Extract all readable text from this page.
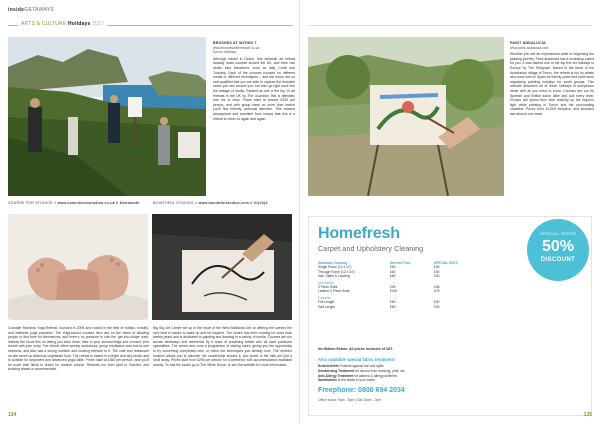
insideGETAWAYS
ARTS & CULTURE Holidays 2017
BRUSHES AT WITHIN 7
www.brusheswithinreach.co.uk
Devon holidays
Although based in Devon, this fantastic art retreat actually hosts courses around the UK, and even has studio trips elsewhere, such as Italy, Crete and Tuscany. Each of the courses focuses on different media or different techniques – and the tutors are so well-qualified that you are able to capture the beautiful views you see around you, but then go right back into the cottage or studio. Ranked as one of the top 10 art retreats in the UK by The Guardian, this is definitely one not to miss. Prices start at around £329 per person, and with group sizes no more than twelve you'll find friendly, personal attention. This relaxed atmosphere and excellent food means that this is a retreat to return to again and again.
COURSE FOR STUDIOS // www.somedevonstudios.co.uk // Dartmouth	BOUNTIFUL STUDIOS // www.bountifulstudios.com // 01(44)4

Consider Rainbow Yoga Retreat, founded in 2009 and rooted in the field of holistic, mindful, and wellness yoga practices. The Yoga-based courses here are on the basis of allowing people to find time for themselves, and there's no pressure to ride the 'get-into-shape' train. Instead the focus lies on letting you slow down, take in your surroundings and connect your breath with your body. The retreat offers weekly workshops, group meditation and one-to-one sessions, and also has a strong nutrition and cooking element to it. The cafe and restaurant on site serve up delicious vegetarian food. The retreat is based in a bright and airy studio and is suitable for beginners and advanced yogis alike. Prices start at £360 per person, and you'll be more than likely to return for another course. Retreats run from April to October, and booking ahead is recommended.

Big Sky Art Centre set up in the heart of the West Midlands Aim at offering the owners the very best in nature to wake up and be inspired. The centre has been running for more than twenty years and is dedicated to painting and drawing in a variety of media. Courses are run across weekdays and weekends by a team of practising artists who all have particular specialities. The centre also runs a programme of visiting tutors, giving you the opportunity to try something completely new, or refine the techniques you already love. The centre's location allows you to discover the countryside around it, and views of the hills are just a stroll away. Prices start from £295 per person for a weekend, with accommodation available nearby. To visit the studio go to The White Horse, or see the website for more information.

134
PAINT ANDALUCIA
www.paint-andalucia.com
Whether you are an experienced artist or beginning the painting journey, Paint Andalucia has a workshop suited for you. It was named one of the top five art holidays in Europe by The Telegraph. Based in the heart of the Andalucian village of Torrox, the retreat is run by artists who have lived in Spain for twenty years and have been organising painting holidays for small groups. This website describes all of these holidays in sumptuous detail with all you need to know. Courses are run by Spanish and British tutors alike and suit every level. Groups will spend their time soaking up the region's light while painting in Torrox and the surrounding coastline. Prices from £1,000 inclusive, and sessions last around one week.
Homefresh
Carpet and Upholstery Cleaning
SPECIAL OFFER
50%
DISCOUNT
Standard Cleaning	Normal Price	SPECIAL RATE
Single Room (12 x 12')	£50	£25
Through Room (12 x 24')	£60	£30
Hall, Stairs & Landing	£60	£30
Upholstery
3 Piece Suite	£90	£45
Leather 3 Piece Suite	£150	£75
Curtains
Full Length	£60	£30
Half Length	£50	£25
No Hidden Extras. All prices inclusive of VAT.
Also available special fabric treatment:
Scotchshield Protects against soil and spills
Deodorising Treatment for odours from smoking, pets, etc
Anti-Allergy Treatment for asthma & allergy sufferers
Sanitisation of the areas in your home
Freephone: 0800 694 2034
Office hours: 9am - 5pm | Sat 10am - 2pm
135
